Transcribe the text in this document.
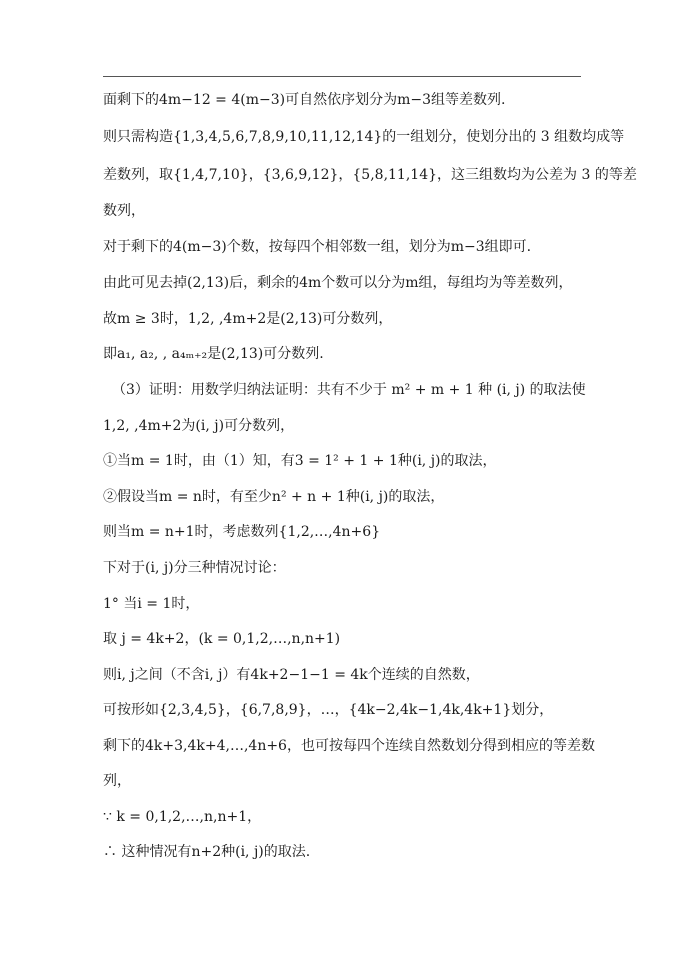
面剩下的4m−12 = 4(m−3)可自然依序划分为m−3组等差数列.
则只需构造{1,3,4,5,6,7,8,9,10,11,12,14}的一组划分，使划分出的 3 组数均成等
差数列，取{1,4,7,10}，{3,6,9,12}，{5,8,11,14}，这三组数均为公差为 3 的等差
数列，
对于剩下的4(m−3)个数，按每四个相邻数一组，划分为m−3组即可.
由此可见去掉(2,13)后，剩余的4m个数可以分为m组，每组均为等差数列，
故m ≥ 3时，1,2, ,4m+2是(2,13)可分数列，
即a₁, a₂, , a₄ₘ₊₂是(2,13)可分数列.
（3）证明：用数学归纳法证明：共有不少于 m² + m + 1 种 (i, j) 的取法使
1,2, ,4m+2为(i, j)可分数列，
①当m = 1时，由（1）知，有3 = 1² + 1 + 1种(i, j)的取法，
②假设当m = n时，有至少n² + n + 1种(i, j)的取法，
则当m = n+1时，考虑数列{1,2,…,4n+6}
下对于(i, j)分三种情况讨论：
1° 当i = 1时，
取 j = 4k+2，(k = 0,1,2,…,n,n+1)
则i, j之间（不含i, j）有4k+2−1−1 = 4k个连续的自然数，
可按形如{2,3,4,5}，{6,7,8,9}，…，{4k−2,4k−1,4k,4k+1}划分，
剩下的4k+3,4k+4,…,4n+6，也可按每四个连续自然数划分得到相应的等差数
列，
∵ k = 0,1,2,…,n,n+1，
∴ 这种情况有n+2种(i, j)的取法.
